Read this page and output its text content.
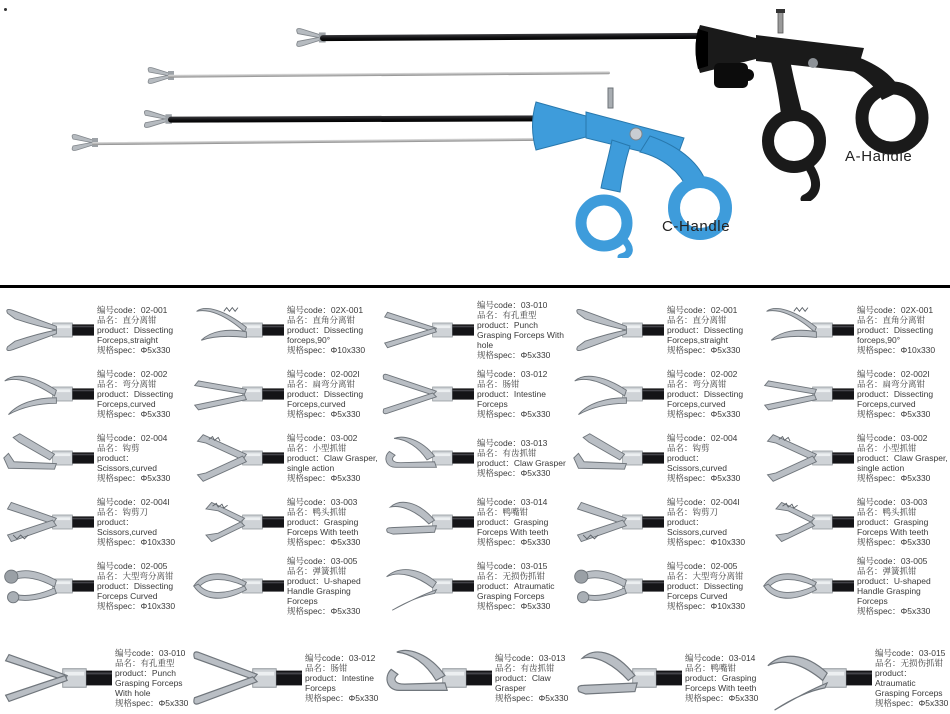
A-Handle
C-Handle
编号code：02-001
品名：直分离钳
product：Dissecting Forceps,straight
规格spec：Φ5x330
编号code：02X-001
品名：直角分离钳
product：Dissecting forceps,90°
规格spec：Φ10x330
编号code：03-010
品名：有孔重型
product：Punch Grasping Forceps With hole
规格spec：Φ5x330
编号code：02-001
品名：直分离钳
product：Dissecting Forceps,straight
规格spec：Φ5x330
编号code：02X-001
品名：直角分离钳
product：Dissecting forceps,90°
规格spec：Φ10x330
编号code：02-002
品名：弯分离钳
product：Dissecting Forceps,curved
规格spec：Φ5x330
编号code：02-002I
品名：扁弯分离钳
product：Dissecting Forceps,curved
规格spec：Φ5x330
编号code：03-012
品名：肠钳
product：Intestine Forceps
规格spec：Φ5x330
编号code：02-002
品名：弯分离钳
product：Dissecting Forceps,curved
规格spec：Φ5x330
编号code：02-002I
品名：扁弯分离钳
product：Dissecting Forceps,curved
规格spec：Φ5x330
编号code：02-004
品名：钩剪
product：Scissors,curved
规格spec：Φ5x330
编号code：03-002
品名：小型抓钳
product：Claw Grasper, single action
规格spec：Φ5x330
编号code：03-013
品名：有齿抓钳
product：Claw Grasper
规格spec：Φ5x330
编号code：02-004
品名：钩剪
product：Scissors,curved
规格spec：Φ5x330
编号code：03-002
品名：小型抓钳
product：Claw Grasper, single action
规格spec：Φ5x330
编号code：02-004I
品名：钩剪刀
product：Scissors,curved
规格spec：Φ10x330
编号code：03-003
品名：鸭头抓钳
product：Grasping Forceps With teeth
规格spec：Φ5x330
编号code：03-014
品名：鸭嘴钳
product：Grasping Forceps With teeth
规格spec：Φ5x330
编号code：02-004I
品名：钩剪刀
product：Scissors,curved
规格spec：Φ10x330
编号code：03-003
品名：鸭头抓钳
product：Grasping Forceps With teeth
规格spec：Φ5x330
编号code：02-005
品名：大型弯分离钳
product：Dissecting Forceps Curved
规格spec：Φ10x330
编号code：03-005
品名：弹簧抓钳
product：U-shaped Handle Grasping Forceps
规格spec：Φ5x330
编号code：03-015
品名：无损伤抓钳
product：Atraumatic Grasping Forceps
规格spec：Φ5x330
编号code：02-005
品名：大型弯分离钳
product：Dissecting Forceps Curved
规格spec：Φ10x330
编号code：03-005
品名：弹簧抓钳
product：U-shaped Handle Grasping Forceps
规格spec：Φ5x330
编号code：03-010
品名：有孔重型
product：Punch Grasping Forceps With hole
规格spec：Φ5x330
编号code：03-012
品名：肠钳
product：Intestine Forceps
规格spec：Φ5x330
编号code：03-013
品名：有齿抓钳
product：Claw Grasper
规格spec：Φ5x330
编号code：03-014
品名：鸭嘴钳
product：Grasping Forceps With teeth
规格spec：Φ5x330
编号code：03-015
品名：无损伤抓钳
product：Atraumatic Grasping Forceps
规格spec：Φ5x330
